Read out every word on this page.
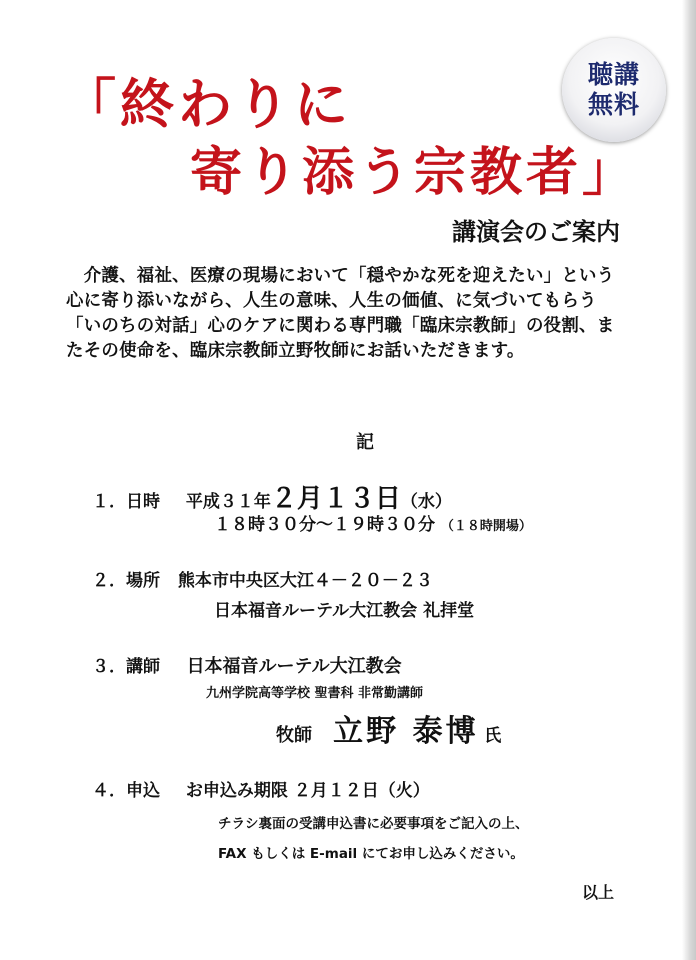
「終わりに
寄り添う宗教者」
聴講
無料
講演会のご案内

　介護、福祉、医療の現場において「穏やかな死を迎えたい」という心に寄り添いながら、人生の意味、人生の価値、に気づいてもらう「いのちの対話」心のケアに関わる専門職「臨床宗教師」の役割、またその使命を、臨床宗教師立野牧師にお話いただきます。

記
１．日時 平成３１年２月１３日（水）
１８時３０分～１９時３０分 （１８時開場）
２．場所 熊本市中央区大江４－２０－２３
日本福音ルーテル大江教会 礼拝堂
３．講師 日本福音ルーテル大江教会
九州学院高等学校 聖書科 非常勤講師
牧師 立野 泰博 氏
４．申込 お申込み期限 ２月１２日（火）
チラシ裏面の受講申込書に必要事項をご記入の上、
FAX もしくは E-mail にてお申し込みください。
以上
